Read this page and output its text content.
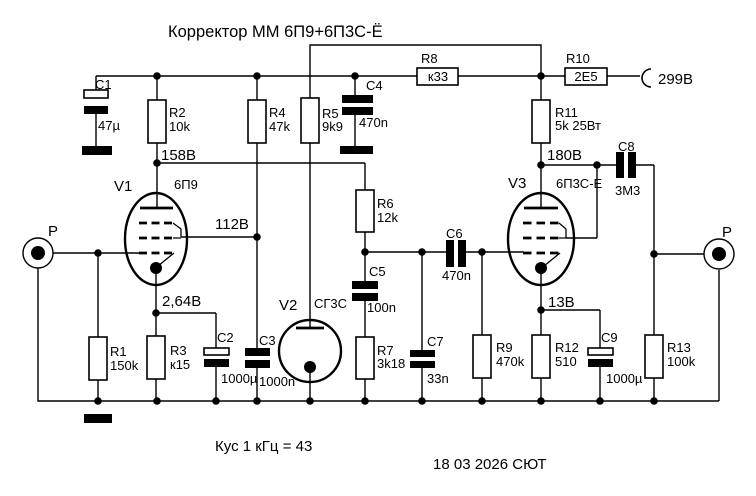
V1	6П9	V3 6П3С-Е
V2 СГ3С
R1
150k
R2
10k
R3
к15
R4
47k
R5
9k9
R6
12k
R7
3k18
R9
470k
R11
5k 25Вт
R12
510
R13
100k
R8
к33
R10
2Е5
C1
47µ
C2
1000µ
C3
1000n
C4
470n
C5
100n
C6
470n
C7
33n
C8
3М3
C9
1000µ
Р	Р
299В
158В
112В
2,64В
180В
13В
Корректор ММ 6П9+6П3С-Ё
Кус 1 кГц = 43
18 03 2026 СЮТ
